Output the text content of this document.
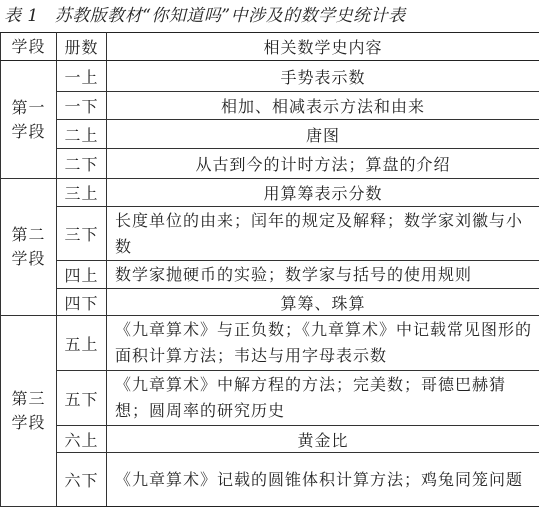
表 1 苏教版教材“你知道吗”中涉及的数学史统计表
学段	册数	相关数学史内容
第一学段	一上	手势表示数
	一下	相加、相减表示方法和由来
	二上	唐图
	二下	从古到今的计时方法；算盘的介绍
第二学段	三上	用算筹表示分数
	三下	长度单位的由来；闰年的规定及解释；数学家刘徽与小数
	四上	数学家抛硬币的实验；数学家与括号的使用规则
	四下	算筹、珠算
第三学段	五上	《九章算术》与正负数；《九章算术》中记载常见图形的面积计算方法；韦达与用字母表示数
	五下	《九章算术》中解方程的方法；完美数；哥德巴赫猜想；圆周率的研究历史
	六上	黄金比
	六下	《九章算术》记载的圆锥体积计算方法；鸡兔同笼问题
